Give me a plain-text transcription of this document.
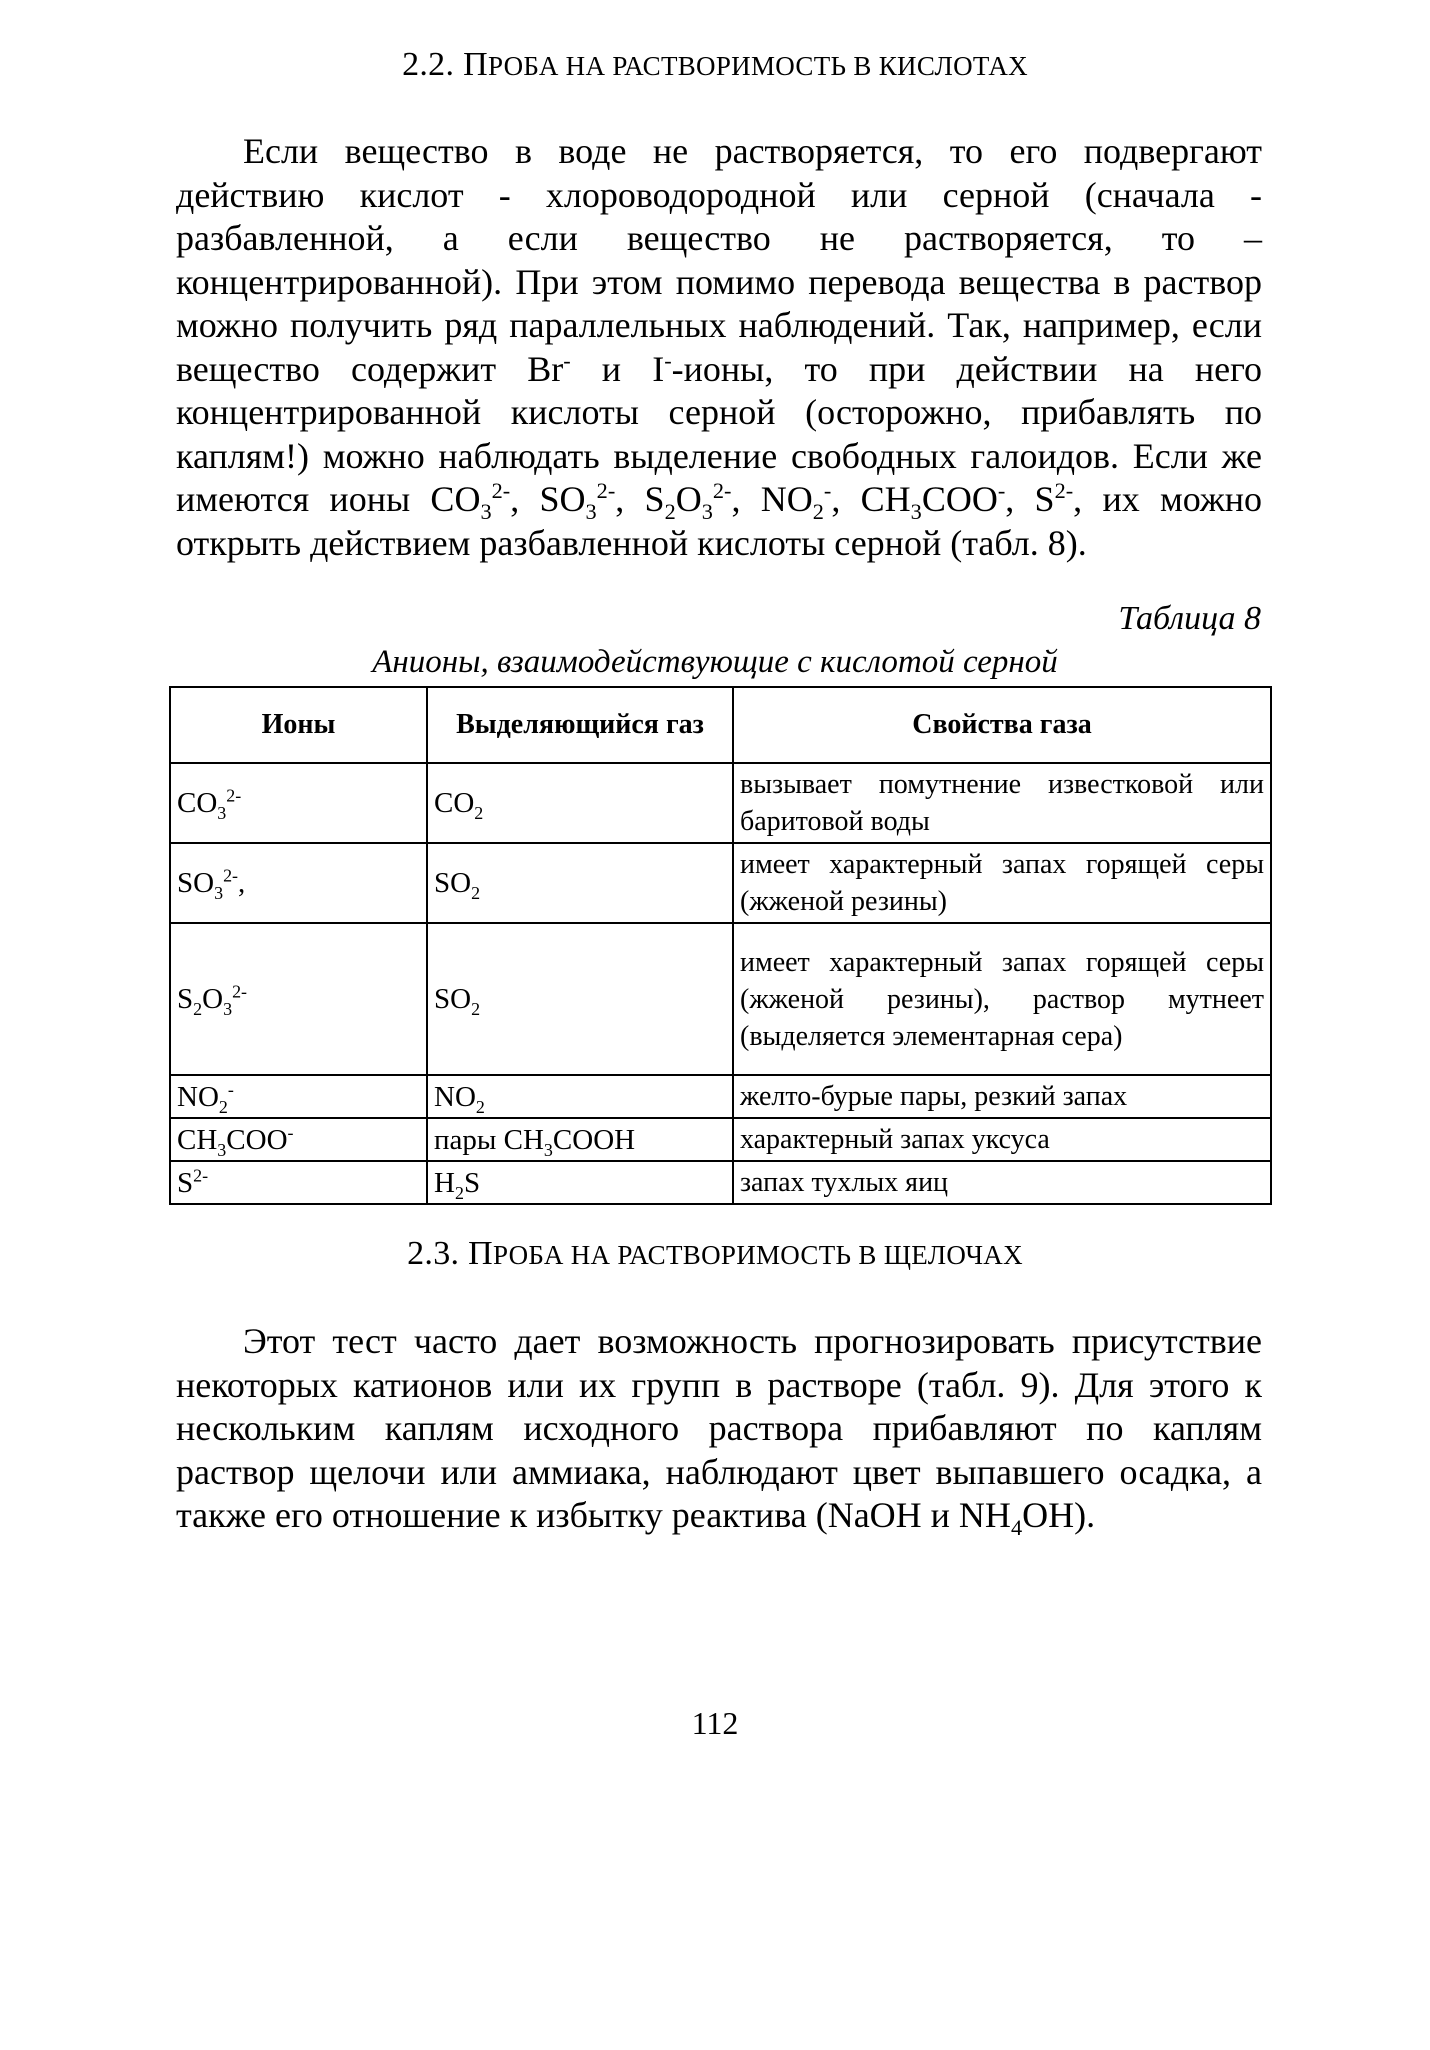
2.2. ПРОБА НА РАСТВОРИМОСТЬ В КИСЛОТАХ

Если вещество в воде не растворяется, то его подвергают действию кислот - хлороводородной или серной (сначала - разбавленной, а если вещество не растворяется, то – концентрированной). При этом помимо перевода вещества в раствор можно получить ряд параллельных наблюдений. Так, например, если вещество содержит Br- и I--ионы, то при действии на него концентрированной кислоты серной (осторожно, прибавлять по каплям!) можно наблюдать выделение свободных галоидов. Если же имеются ионы $CO_3^{2-}$, $SO_3^{2-}$, $S_2O_3^{2-}$, $NO_2^-$, $CH_3COO^-$, $S^{2-}$, их можно открыть действием разбавленной кислоты серной (табл. 8).

Таблица 8
Анионы, взаимодействующие с кислотой серной
Ионы	Выделяющийся газ	Свойства газа
$CO_3^{2-}$	$CO_2$	вызывает помутнение известковой или баритовой воды
$SO_3^{2-}$,	$SO_2$	имеет характерный запах горящей серы (жженой резины)
$S_2O_3^{2-}$	$SO_2$	имеет характерный запах горящей серы (жженой резины), раствор мутнеет (выделяется элементарная сера)
$NO_2^-$	$NO_2$	желто-бурые пары, резкий запах
$CH_3COO^-$	пары $CH_3COOH$	характерный запах уксуса
$S^{2-}$	$H_2S$	запах тухлых яиц
2.3. ПРОБА НА РАСТВОРИМОСТЬ В ЩЕЛОЧАХ

Этот тест часто дает возможность прогнозировать присутствие некоторых катионов или их групп в растворе (табл. 9). Для этого к нескольким каплям исходного раствора прибавляют по каплям раствор щелочи или аммиака, наблюдают цвет выпавшего осадка, а также его отношение к избытку реактива (NaOH и $NH_4OH$).

112
